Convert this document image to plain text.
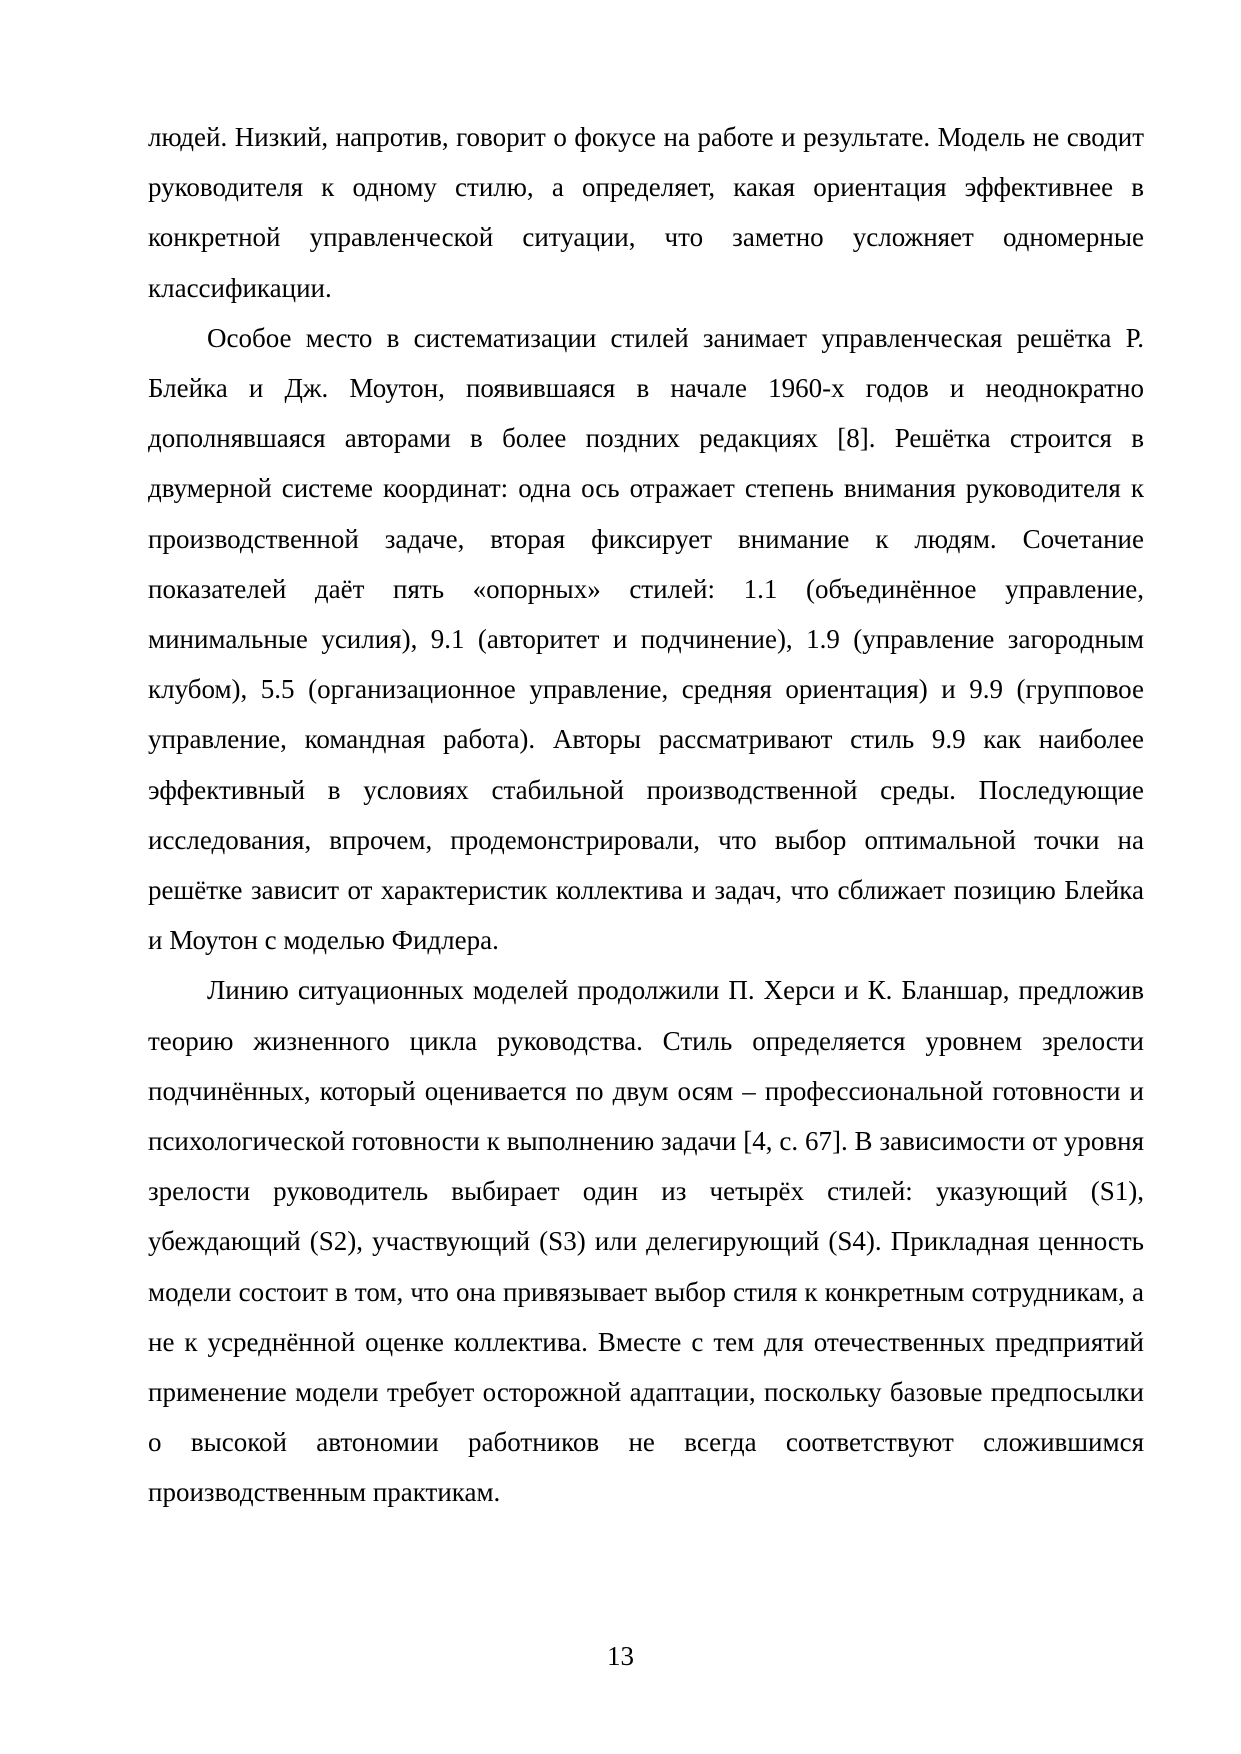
людей. Низкий, напротив, говорит о фокусе на работе и результате. Модель не сводит руководителя к одному стилю, а определяет, какая ориентация эффективнее в конкретной управленческой ситуации, что заметно усложняет одномерные классификации.

Особое место в систематизации стилей занимает управленческая решётка Р. Блейка и Дж. Моутон, появившаяся в начале 1960-х годов и неоднократно дополнявшаяся авторами в более поздних редакциях [8]. Решётка строится в двумерной системе координат: одна ось отражает степень внимания руководителя к производственной задаче, вторая фиксирует внимание к людям. Сочетание показателей даёт пять «опорных» стилей: 1.1 (объединённое управление, минимальные усилия), 9.1 (авторитет и подчинение), 1.9 (управление загородным клубом), 5.5 (организационное управление, средняя ориентация) и 9.9 (групповое управление, командная работа). Авторы рассматривают стиль 9.9 как наиболее эффективный в условиях стабильной производственной среды. Последующие исследования, впрочем, продемонстрировали, что выбор оптимальной точки на решётке зависит от характеристик коллектива и задач, что сближает позицию Блейка и Моутон с моделью Фидлера.

Линию ситуационных моделей продолжили П. Херси и К. Бланшар, предложив теорию жизненного цикла руководства. Стиль определяется уровнем зрелости подчинённых, который оценивается по двум осям – профессиональной готовности и психологической готовности к выполнению задачи [4, с. 67]. В зависимости от уровня зрелости руководитель выбирает один из четырёх стилей: указующий (S1), убеждающий (S2), участвующий (S3) или делегирующий (S4). Прикладная ценность модели состоит в том, что она привязывает выбор стиля к конкретным сотрудникам, а не к усреднённой оценке коллектива. Вместе с тем для отечественных предприятий применение модели требует осторожной адаптации, поскольку базовые предпосылки о высокой автономии работников не всегда соответствуют сложившимся производственным практикам.

13
